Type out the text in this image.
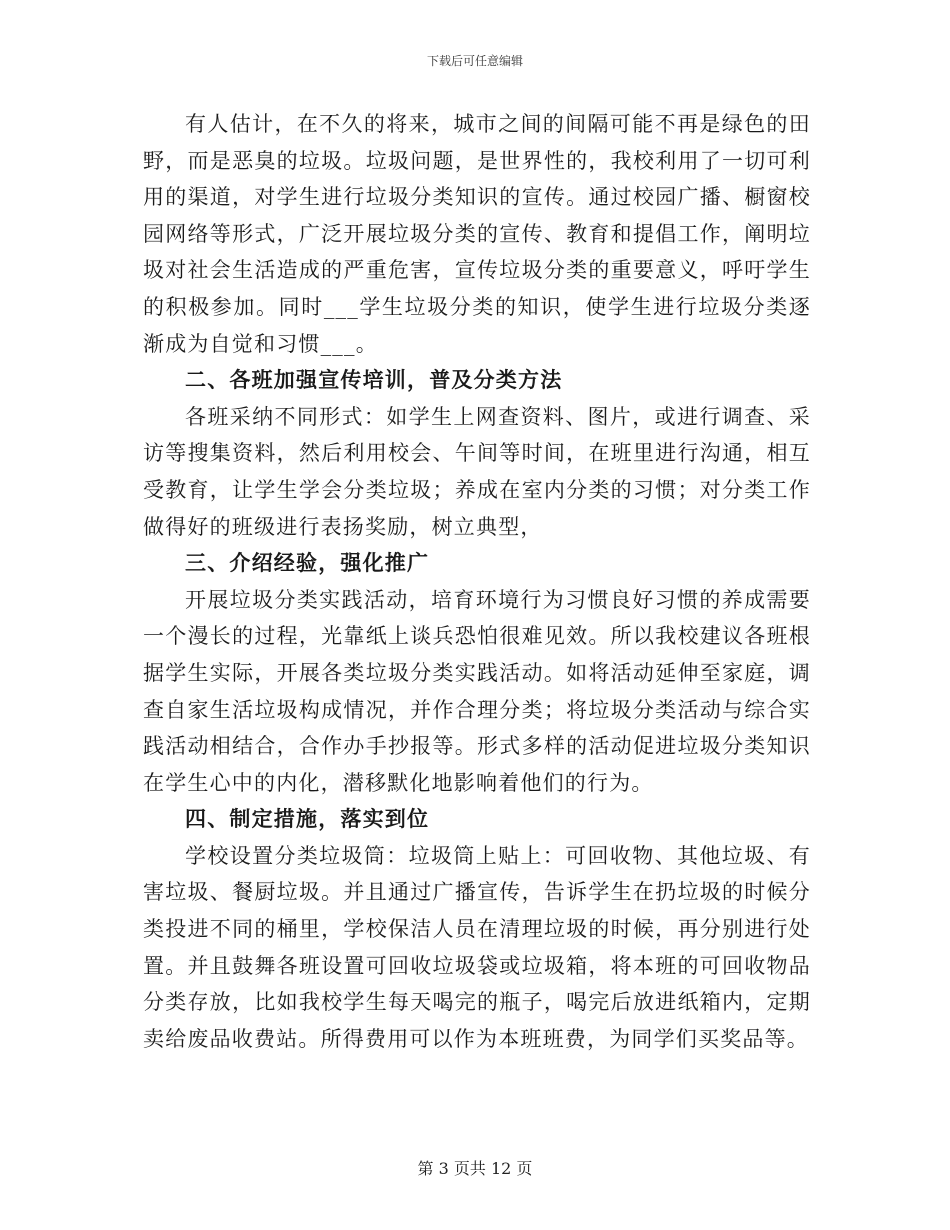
下载后可任意编辑

有人估计，在不久的将来，城市之间的间隔可能不再是绿色的田野，而是恶臭的垃圾。垃圾问题，是世界性的，我校利用了一切可利用的渠道，对学生进行垃圾分类知识的宣传。通过校园广播、橱窗校园网络等形式，广泛开展垃圾分类的宣传、教育和提倡工作，阐明垃圾对社会生活造成的严重危害，宣传垃圾分类的重要意义，呼吁学生的积极参加。同时___学生垃圾分类的知识，使学生进行垃圾分类逐渐成为自觉和习惯___。

二、各班加强宣传培训，普及分类方法

各班采纳不同形式：如学生上网查资料、图片，或进行调查、采访等搜集资料，然后利用校会、午间等时间，在班里进行沟通，相互受教育，让学生学会分类垃圾；养成在室内分类的习惯；对分类工作做得好的班级进行表扬奖励，树立典型，

三、介绍经验，强化推广

开展垃圾分类实践活动，培育环境行为习惯良好习惯的养成需要一个漫长的过程，光靠纸上谈兵恐怕很难见效。所以我校建议各班根据学生实际，开展各类垃圾分类实践活动。如将活动延伸至家庭，调查自家生活垃圾构成情况，并作合理分类；将垃圾分类活动与综合实践活动相结合，合作办手抄报等。形式多样的活动促进垃圾分类知识在学生心中的内化，潜移默化地影响着他们的行为。

四、制定措施，落实到位

学校设置分类垃圾筒：垃圾筒上贴上：可回收物、其他垃圾、有害垃圾、餐厨垃圾。并且通过广播宣传，告诉学生在扔垃圾的时候分类投进不同的桶里，学校保洁人员在清理垃圾的时候，再分别进行处置。并且鼓舞各班设置可回收垃圾袋或垃圾箱，将本班的可回收物品分类存放，比如我校学生每天喝完的瓶子，喝完后放进纸箱内，定期卖给废品收费站。所得费用可以作为本班班费，为同学们买奖品等。

第 3 页共 12 页
